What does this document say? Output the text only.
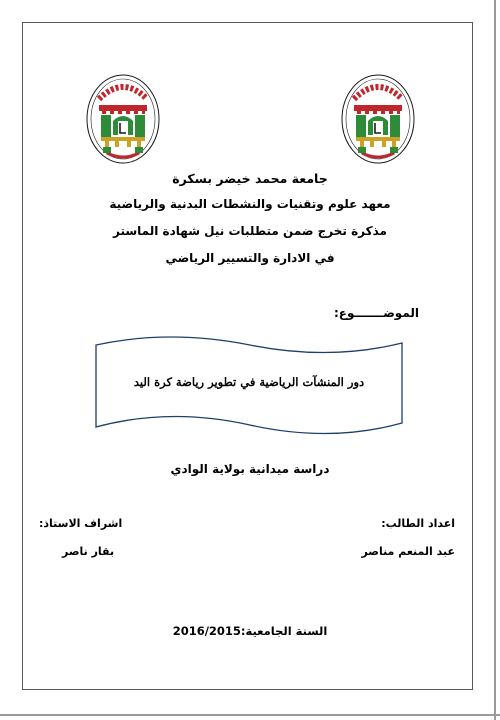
جامعة محمد خيضر بسكرة
معهد علوم وتقنيات والنشطات البدنية والرياضية
مذكرة تخرج ضمن متطلبات نيل شهادة الماستر
في الادارة والتسيير الرياضي
الموضـــــــوع:
دور المنشآت الرياضية في تطوير رياضة كرة اليد
دراسة ميدانية بولاية الوادي
اعداد الطالب:
عبد المنعم مناصر
اشراف الاستاذ:
بقار ناصر
السنة الجامعية:2016/2015
